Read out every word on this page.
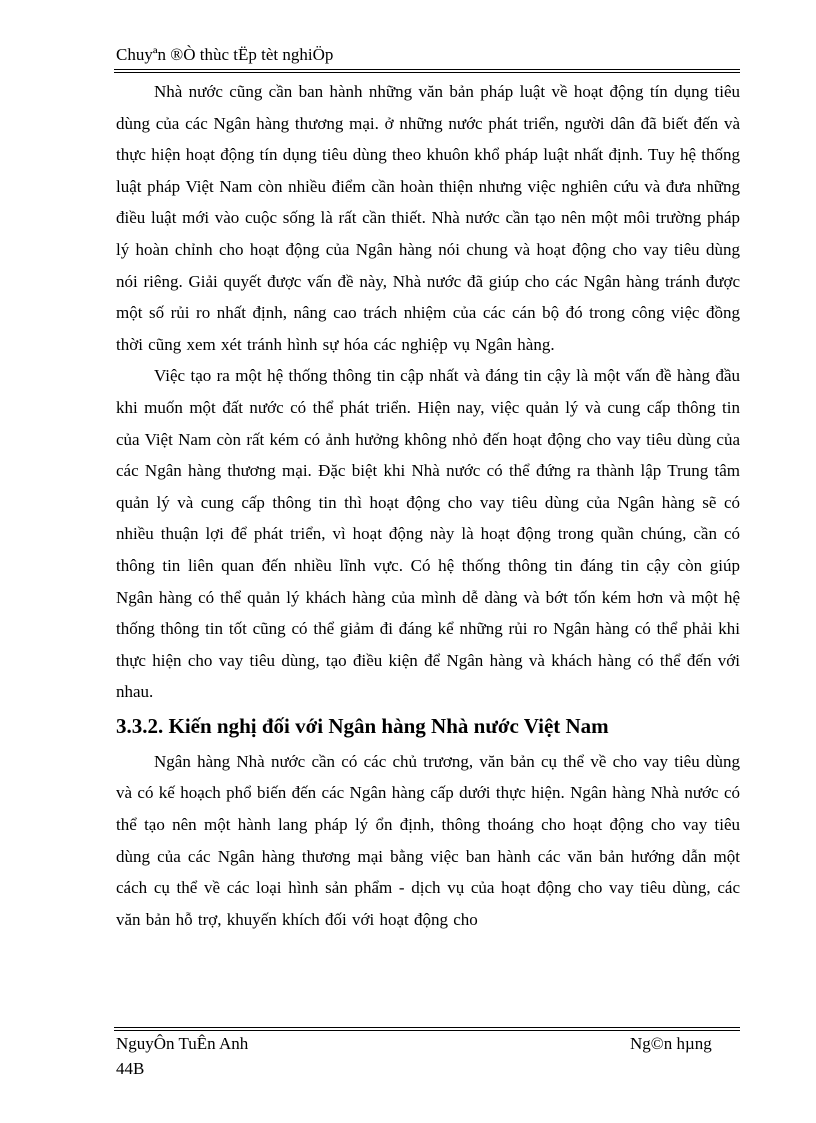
Chuyªn ®Ò thùc tËp tèt nghiÖp

Nhà nước cũng cần ban hành những văn bản pháp luật về hoạt động tín dụng tiêu dùng của các Ngân hàng thương mại. ở những nước phát triển, người dân đã biết đến và thực hiện hoạt động tín dụng tiêu dùng theo khuôn khổ pháp luật nhất định. Tuy hệ thống luật pháp Việt Nam còn nhiều điểm cần hoàn thiện nhưng việc nghiên cứu và đưa những điều luật mới vào cuộc sống là rất cần thiết. Nhà nước cần tạo nên một môi trường pháp lý hoàn chỉnh cho hoạt động của Ngân hàng nói chung và hoạt động cho vay tiêu dùng nói riêng. Giải quyết được vấn đề này, Nhà nước đã giúp cho các Ngân hàng tránh được một số rủi ro nhất định, nâng cao trách nhiệm của các cán bộ đó trong công việc đồng thời cũng xem xét tránh hình sự hóa các nghiệp vụ Ngân hàng.

Việc tạo ra một hệ thống thông tin cập nhất và đáng tin cậy là một vấn đề hàng đầu khi muốn một đất nước có thể phát triển. Hiện nay, việc quản lý và cung cấp thông tin của Việt Nam còn rất kém có ảnh hưởng không nhỏ đến hoạt động cho vay tiêu dùng của các Ngân hàng thương mại. Đặc biệt khi Nhà nước có thể đứng ra thành lập Trung tâm quản lý và cung cấp thông tin thì hoạt động cho vay tiêu dùng của Ngân hàng sẽ có nhiều thuận lợi để phát triển, vì hoạt động này là hoạt động trong quần chúng, cần có thông tin liên quan đến nhiều lĩnh vực. Có hệ thống thông tin đáng tin cậy còn giúp Ngân hàng có thể quản lý khách hàng của mình dễ dàng và bớt tốn kém hơn và một hệ thống thông tin tốt cũng có thể giảm đi đáng kể những rủi ro Ngân hàng có thể phải khi thực hiện cho vay tiêu dùng, tạo điều kiện để Ngân hàng và khách hàng có thể đến với nhau.

3.3.2. Kiến nghị đối với Ngân hàng Nhà nước Việt Nam

Ngân hàng Nhà nước cần có các chủ trương, văn bản cụ thể về cho vay tiêu dùng và có kế hoạch phổ biến đến các Ngân hàng cấp dưới thực hiện. Ngân hàng Nhà nước có thể tạo nên một hành lang pháp lý ổn định, thông thoáng cho hoạt động cho vay tiêu dùng của các Ngân hàng thương mại bằng việc ban hành các văn bản hướng dẫn một cách cụ thể về các loại hình sản phẩm - dịch vụ của hoạt động cho vay tiêu dùng, các văn bản hỗ trợ, khuyến khích đối với hoạt động cho

NguyÔn TuÊn Anh
44B
Ng©n hµng
